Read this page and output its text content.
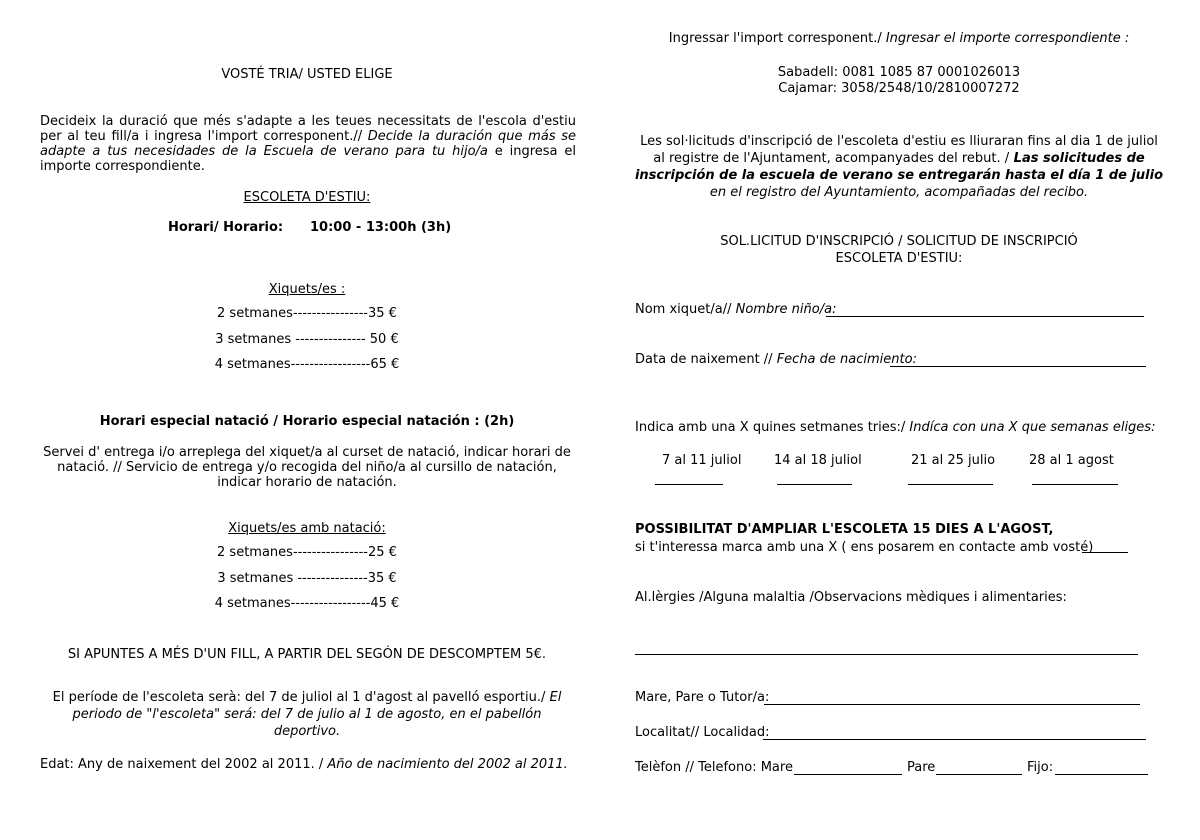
VOSTÉ TRIA/ USTED ELIGE
Decideix la duració que més s'adapte a les teues necessitats de l'escola d'estiu per al teu fill/a i ingresa l'import corresponent.// Decide la duración que más se adapte a tus necesidades de la Escuela de verano para tu hijo/a e ingresa el importe correspondiente.
ESCOLETA D'ESTIU:
Horari/ Horario: 10:00 - 13:00h (3h)
Xiquets/es :
2 setmanes----------------35 €
3 setmanes --------------- 50 €
4 setmanes-----------------65 €
Horari especial natació / Horario especial natación : (2h)
Servei d' entrega i/o arreplega del xiquet/a al curset de natació, indicar horari de natació. // Servicio de entrega y/o recogida del niño/a al cursillo de natación, indicar horario de natación.
Xiquets/es amb natació:
2 setmanes----------------25 €
3 setmanes ---------------35 €
4 setmanes-----------------45 €
SI APUNTES A MÉS D'UN FILL, A PARTIR DEL SEGÓN DE DESCOMPTEM 5€.
El període de l'escoleta serà: del 7 de juliol al 1 d'agost al pavelló esportiu./ El periodo de "l'escoleta" será: del 7 de julio al 1 de agosto, en el pabellón deportivo.
Edat: Any de naixement del 2002 al 2011. / Año de nacimiento del 2002 al 2011.
Ingressar l'import corresponent./ Ingresar el importe correspondiente :
Sabadell: 0081 1085 87 0001026013
Cajamar: 3058/2548/10/2810007272
Les sol·licituds d'inscripció de l'escoleta d'estiu es lliuraran fins al dia 1 de juliol al registre de l'Ajuntament, acompanyades del rebut. / Las solicitudes de inscripción de la escuela de verano se entregarán hasta el día 1 de julio en el registro del Ayuntamiento, acompañadas del recibo.
SOL.LICITUD D'INSCRIPCIÓ / SOLICITUD DE INSCRIPCIÓ
ESCOLETA D'ESTIU:
Nom xiquet/a// Nombre niño/a:
Data de naixement // Fecha de nacimiento:
Indica amb una X quines setmanes tries:/ Indíca con una X que semanas eliges:
7 al 11 juliol	14 al 18 juliol	21 al 25 julio	28 al 1 agost
POSSIBILITAT D'AMPLIAR L'ESCOLETA 15 DIES A L'AGOST,
si t'interessa marca amb una X ( ens posarem en contacte amb vosté)
Al.lèrgies /Alguna malaltia /Observacions mèdiques i alimentaries:
Mare, Pare o Tutor/a:
Localitat// Localidad:
Telèfon // Telefono: Mare	Pare	Fijo:
